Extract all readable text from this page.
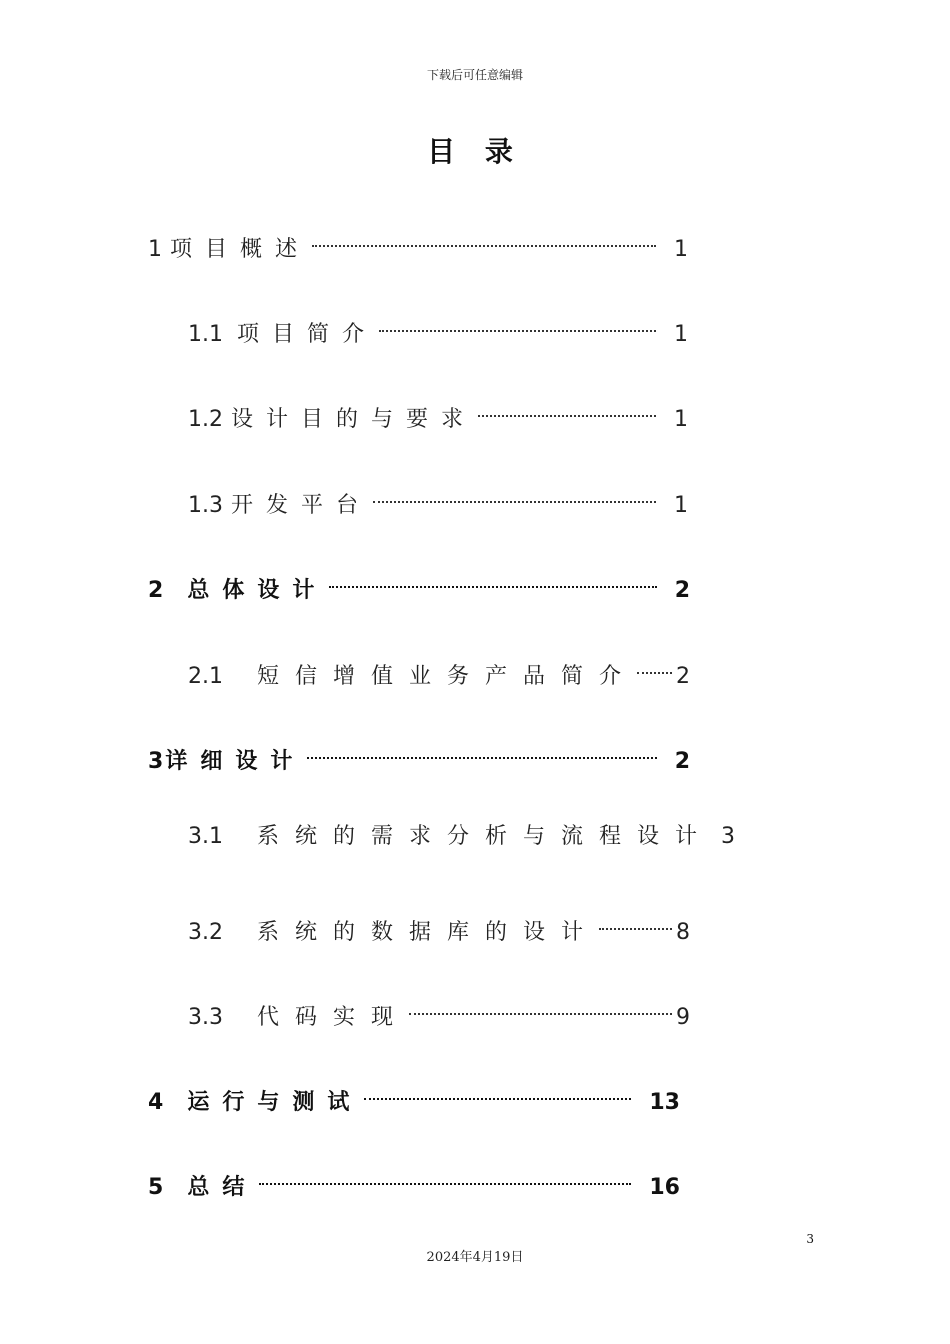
下载后可任意编辑
目 录
1 项目概述	1
1.1 项目简介	1
1.2 设计目的与要求	1
1.3 开发平台	1
2 总体设计	2
2.1 短信增值业务产品简介 2
3 详细设计	2
3.1 系统的需求分析与流程设计 3
3.2 系统的数据库的设计	8
3.3 代码实现	9
4 运行与测试	13
5 总结	16
3
2024年4月19日
